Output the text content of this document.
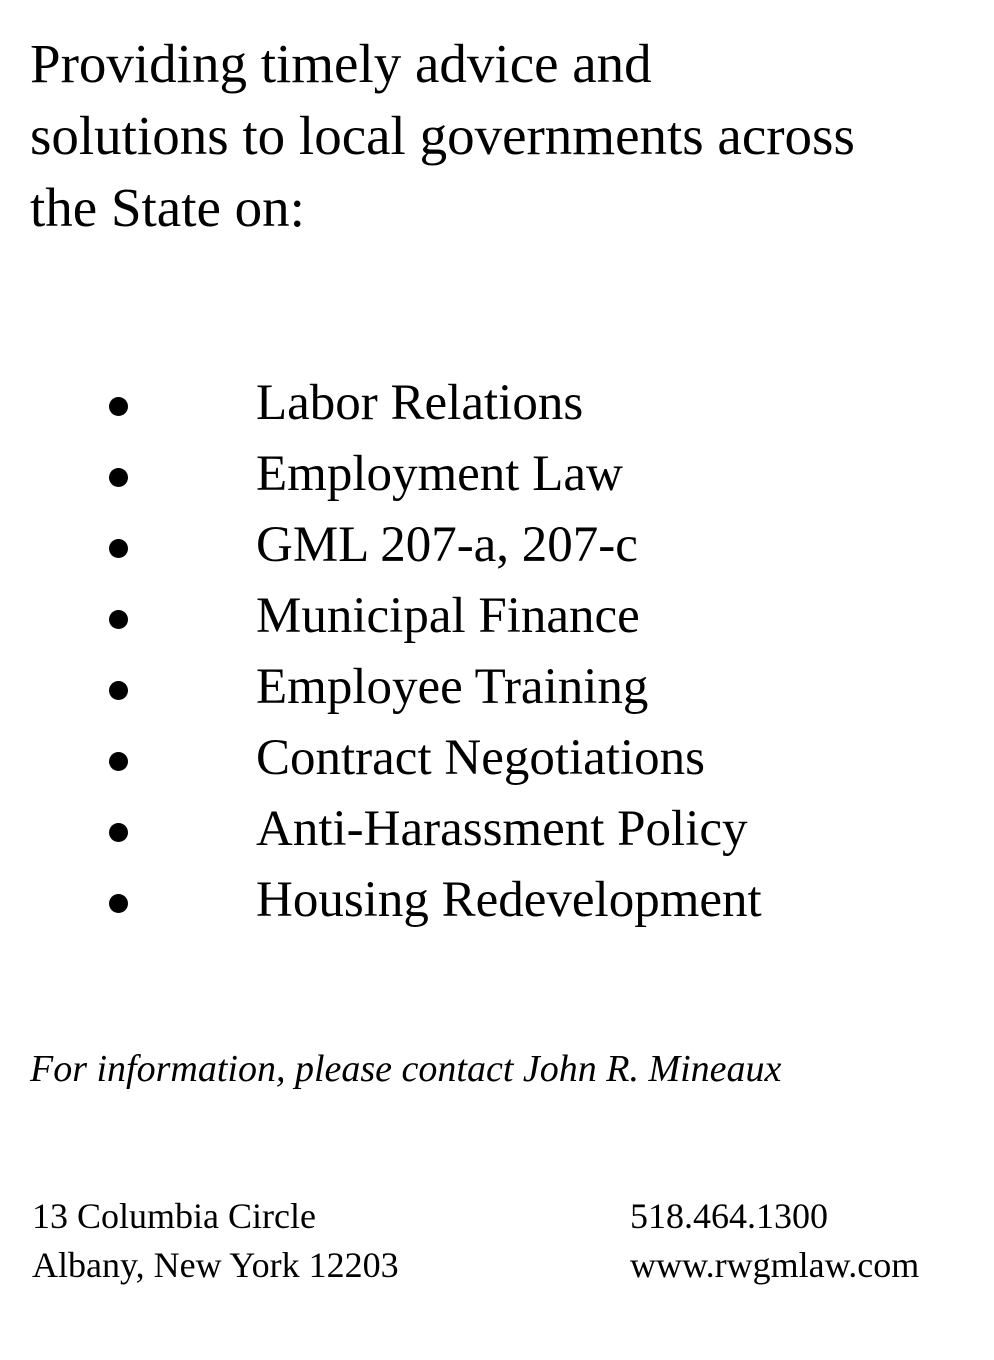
Providing timely advice and
solutions to local governments across
the State on:
Labor Relations
Employment Law
GML 207-a, 207-c
Municipal Finance
Employee Training
Contract Negotiations
Anti-Harassment Policy
Housing Redevelopment

For information, please contact John R. Mineaux

13 Columbia Circle
Albany, New York 12203
518.464.1300
www.rwgmlaw.com
